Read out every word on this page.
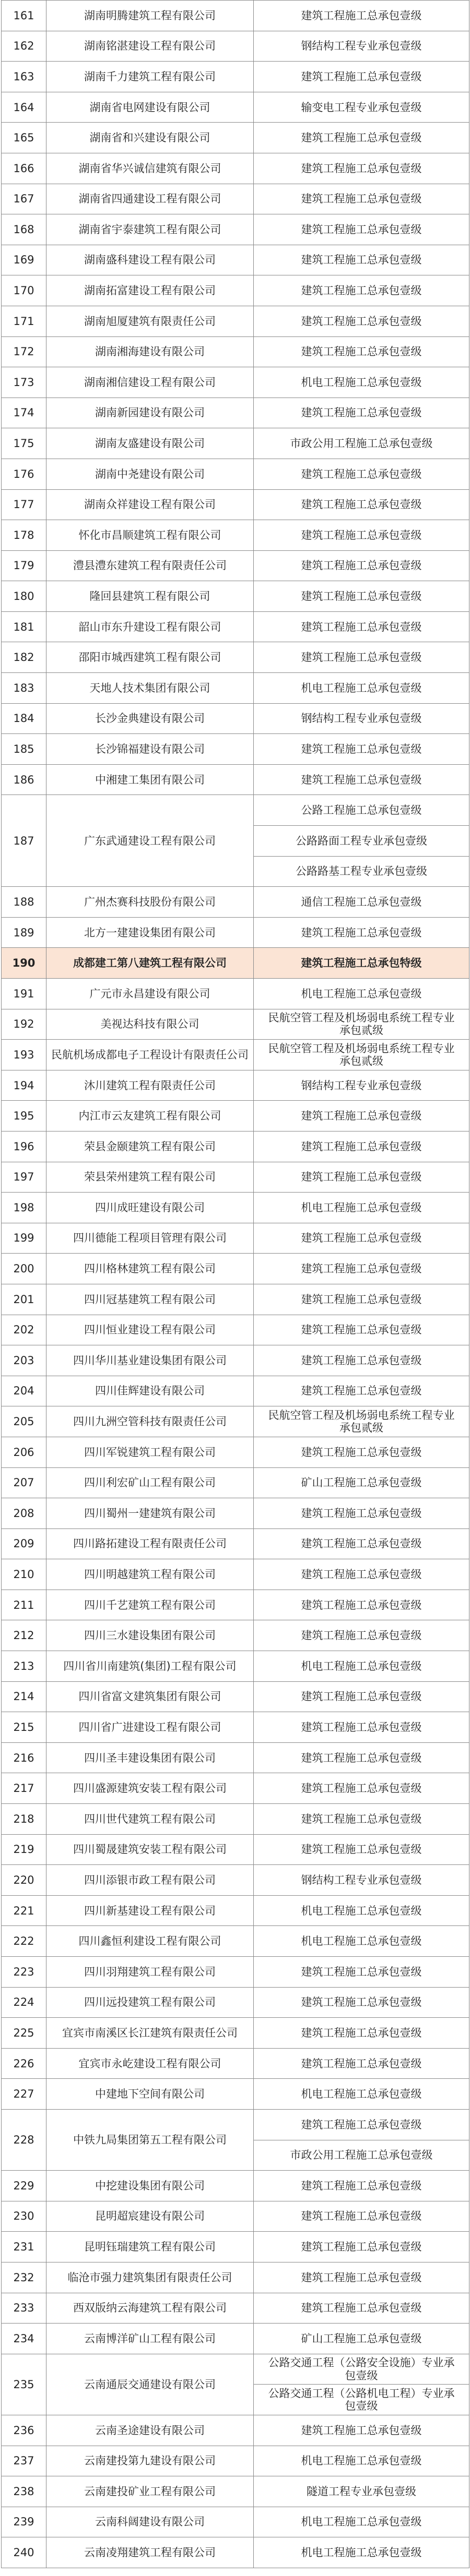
161	湖南明腾建筑工程有限公司	建筑工程施工总承包壹级
162	湖南铭湛建设工程有限公司	钢结构工程专业承包壹级
163	湖南千力建筑工程有限公司	建筑工程施工总承包壹级
164	湖南省电网建设有限公司	输变电工程专业承包壹级
165	湖南省和兴建设有限公司	建筑工程施工总承包壹级
166	湖南省华兴诚信建筑有限公司	建筑工程施工总承包壹级
167	湖南省四通建设工程有限公司	建筑工程施工总承包壹级
168	湖南省宇泰建筑工程有限公司	建筑工程施工总承包壹级
169	湖南盛科建设工程有限公司	建筑工程施工总承包壹级
170	湖南拓富建设工程有限公司	建筑工程施工总承包壹级
171	湖南旭厦建筑有限责任公司	建筑工程施工总承包壹级
172	湖南湘海建设有限公司	建筑工程施工总承包壹级
173	湖南湘信建设工程有限公司	机电工程施工总承包壹级
174	湖南新园建设有限公司	建筑工程施工总承包壹级
175	湖南友盛建设有限公司	市政公用工程施工总承包壹级
176	湖南中尧建设有限公司	建筑工程施工总承包壹级
177	湖南众祥建设工程有限公司	建筑工程施工总承包壹级
178	怀化市昌顺建筑工程有限公司	建筑工程施工总承包壹级
179	澧县澧东建筑工程有限责任公司	建筑工程施工总承包壹级
180	隆回县建筑工程有限公司	建筑工程施工总承包壹级
181	韶山市东升建设工程有限公司	建筑工程施工总承包壹级
182	邵阳市城西建筑工程有限公司	建筑工程施工总承包壹级
183	天地人技术集团有限公司	机电工程施工总承包壹级
184	长沙金典建设有限公司	钢结构工程专业承包壹级
185	长沙锦福建设有限公司	建筑工程施工总承包壹级
186	中湘建工集团有限公司	建筑工程施工总承包壹级
187	广东武通建设工程有限公司	公路工程施工总承包壹级
		公路路面工程专业承包壹级
		公路路基工程专业承包壹级
188	广州杰赛科技股份有限公司	通信工程施工总承包壹级
189	北方一建建设集团有限公司	建筑工程施工总承包壹级
190	成都建工第八建筑工程有限公司	建筑工程施工总承包特级
191	广元市永昌建设有限公司	机电工程施工总承包壹级
192	美视达科技有限公司	民航空管工程及机场弱电系统工程专业承包贰级
193	民航机场成都电子工程设计有限责任公司	民航空管工程及机场弱电系统工程专业承包贰级
194	沐川建筑工程有限责任公司	钢结构工程专业承包壹级
195	内江市云友建筑工程有限公司	建筑工程施工总承包壹级
196	荣县金颐建筑工程有限公司	建筑工程施工总承包壹级
197	荣县荣州建筑工程有限公司	建筑工程施工总承包壹级
198	四川成旺建设有限公司	机电工程施工总承包壹级
199	四川德能工程项目管理有限公司	建筑工程施工总承包壹级
200	四川格林建筑工程有限公司	建筑工程施工总承包壹级
201	四川冠基建筑工程有限公司	建筑工程施工总承包壹级
202	四川恒业建设工程有限公司	建筑工程施工总承包壹级
203	四川华川基业建设集团有限公司	建筑工程施工总承包壹级
204	四川佳辉建设有限公司	建筑工程施工总承包壹级
205	四川九洲空管科技有限责任公司	民航空管工程及机场弱电系统工程专业承包贰级
206	四川军锐建筑工程有限公司	建筑工程施工总承包壹级
207	四川利宏矿山工程有限公司	矿山工程施工总承包壹级
208	四川蜀州一建建筑有限公司	建筑工程施工总承包壹级
209	四川路拓建设工程有限责任公司	建筑工程施工总承包壹级
210	四川明越建筑工程有限公司	建筑工程施工总承包壹级
211	四川千艺建筑工程有限公司	建筑工程施工总承包壹级
212	四川三水建设集团有限公司	建筑工程施工总承包壹级
213	四川省川南建筑(集团)工程有限公司	机电工程施工总承包壹级
214	四川省富文建筑集团有限公司	建筑工程施工总承包壹级
215	四川省广进建设工程有限公司	建筑工程施工总承包壹级
216	四川圣丰建设集团有限公司	建筑工程施工总承包壹级
217	四川盛源建筑安装工程有限公司	建筑工程施工总承包壹级
218	四川世代建筑工程有限公司	建筑工程施工总承包壹级
219	四川蜀晟建筑安装工程有限公司	建筑工程施工总承包壹级
220	四川添银市政工程有限公司	钢结构工程专业承包壹级
221	四川新基建设工程有限公司	机电工程施工总承包壹级
222	四川鑫恒利建设工程有限公司	机电工程施工总承包壹级
223	四川羽翔建筑工程有限公司	建筑工程施工总承包壹级
224	四川远投建筑工程有限公司	建筑工程施工总承包壹级
225	宜宾市南溪区长江建筑有限责任公司	建筑工程施工总承包壹级
226	宜宾市永屹建设工程有限公司	建筑工程施工总承包壹级
227	中建地下空间有限公司	机电工程施工总承包壹级
228	中铁九局集团第五工程有限公司	建筑工程施工总承包壹级
		市政公用工程施工总承包壹级
229	中挖建设集团有限公司	建筑工程施工总承包壹级
230	昆明超宸建设有限公司	建筑工程施工总承包壹级
231	昆明钰瑞建筑工程有限公司	建筑工程施工总承包壹级
232	临沧市强力建筑集团有限责任公司	建筑工程施工总承包壹级
233	西双版纳云海建筑工程有限公司	建筑工程施工总承包壹级
234	云南博洋矿山工程有限公司	矿山工程施工总承包壹级
235	云南通辰交通建设有限公司	公路交通工程（公路安全设施）专业承包壹级
		公路交通工程（公路机电工程）专业承包壹级
236	云南圣途建设有限公司	建筑工程施工总承包壹级
237	云南建投第九建设有限公司	机电工程施工总承包壹级
238	云南建投矿业工程有限公司	隧道工程专业承包壹级
239	云南科阔建设有限公司	机电工程施工总承包壹级
240	云南凌翔建筑工程有限公司	机电工程施工总承包壹级
